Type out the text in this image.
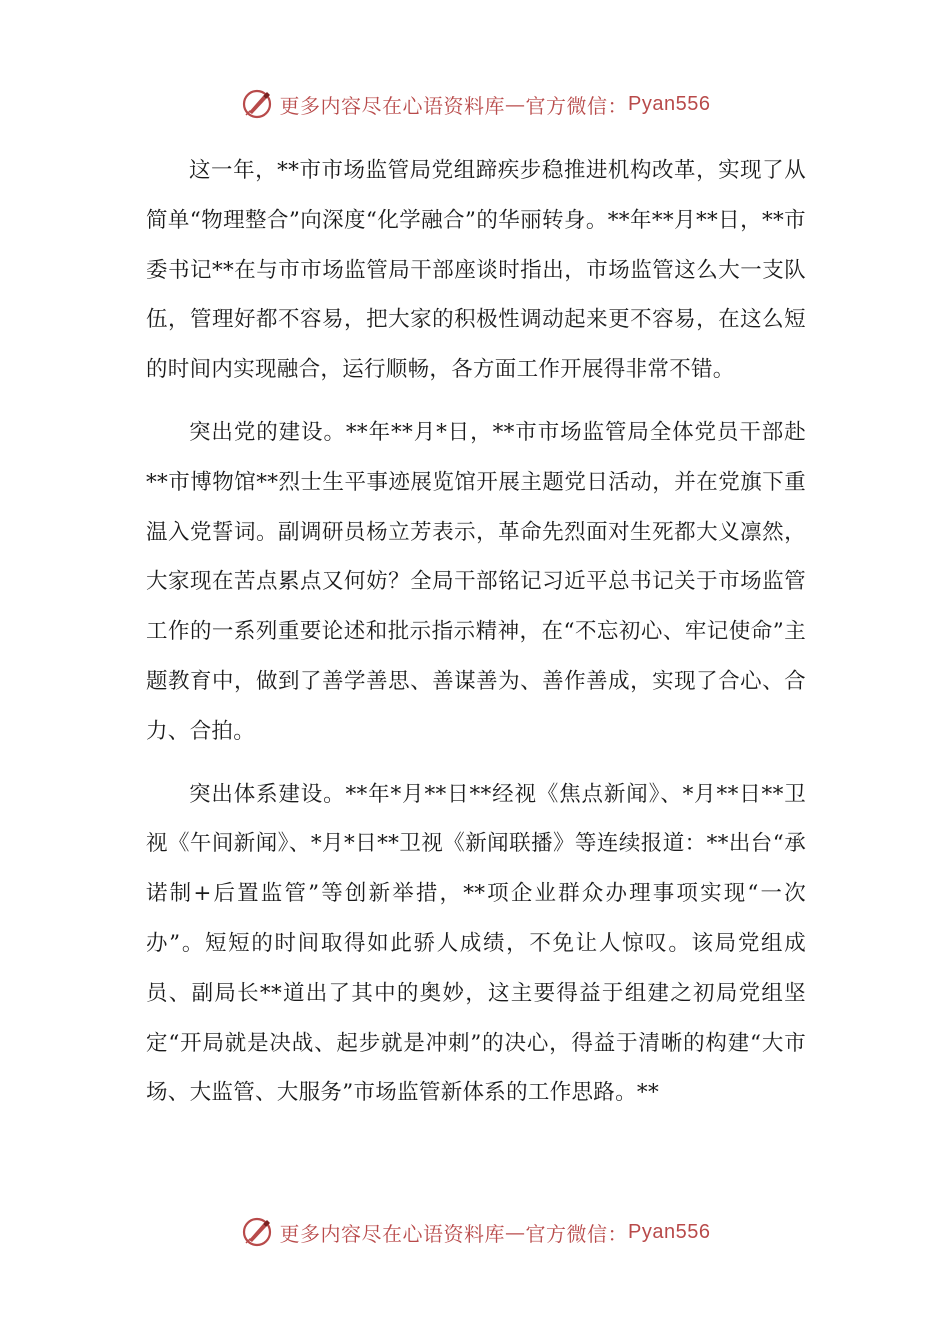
更多内容尽在心语资料库 — 官方微信： Pyan556

这一年，**市市场监管局党组蹄疾步稳推进机构改革，实现了从简单“物理整合”向深度“化学融合”的华丽转身。**年**月**日，**市委书记**在与市市场监管局干部座谈时指出，市场监管这么大一支队伍，管理好都不容易，把大家的积极性调动起来更不容易，在这么短的时间内实现融合，运行顺畅，各方面工作开展得非常不错。

突出党的建设。**年**月*日，**市市场监管局全体党员干部赴**市博物馆**烈士生平事迹展览馆开展主题党日活动，并在党旗下重温入党誓词。副调研员杨立芳表示，革命先烈面对生死都大义凛然，大家现在苦点累点又何妨？全局干部铭记习近平总书记关于市场监管工作的一系列重要论述和批示指示精神，在“不忘初心、牢记使命”主题教育中，做到了善学善思、善谋善为、善作善成，实现了合心、合力、合拍。

突出体系建设。**年*月**日**经视《焦点新闻》、*月**日**卫视《午间新闻》、*月*日**卫视《新闻联播》等连续报道：**出台“承诺制+后置监管”等创新举措，**项企业群众办理事项实现“一次办”。短短的时间取得如此骄人成绩，不免让人惊叹。该局党组成员、副局长**道出了其中的奥妙，这主要得益于组建之初局党组坚定“开局就是决战、起步就是冲刺”的决心，得益于清晰的构建“大市场、大监管、大服务”市场监管新体系的工作思路。**

更多内容尽在心语资料库 — 官方微信： Pyan556
